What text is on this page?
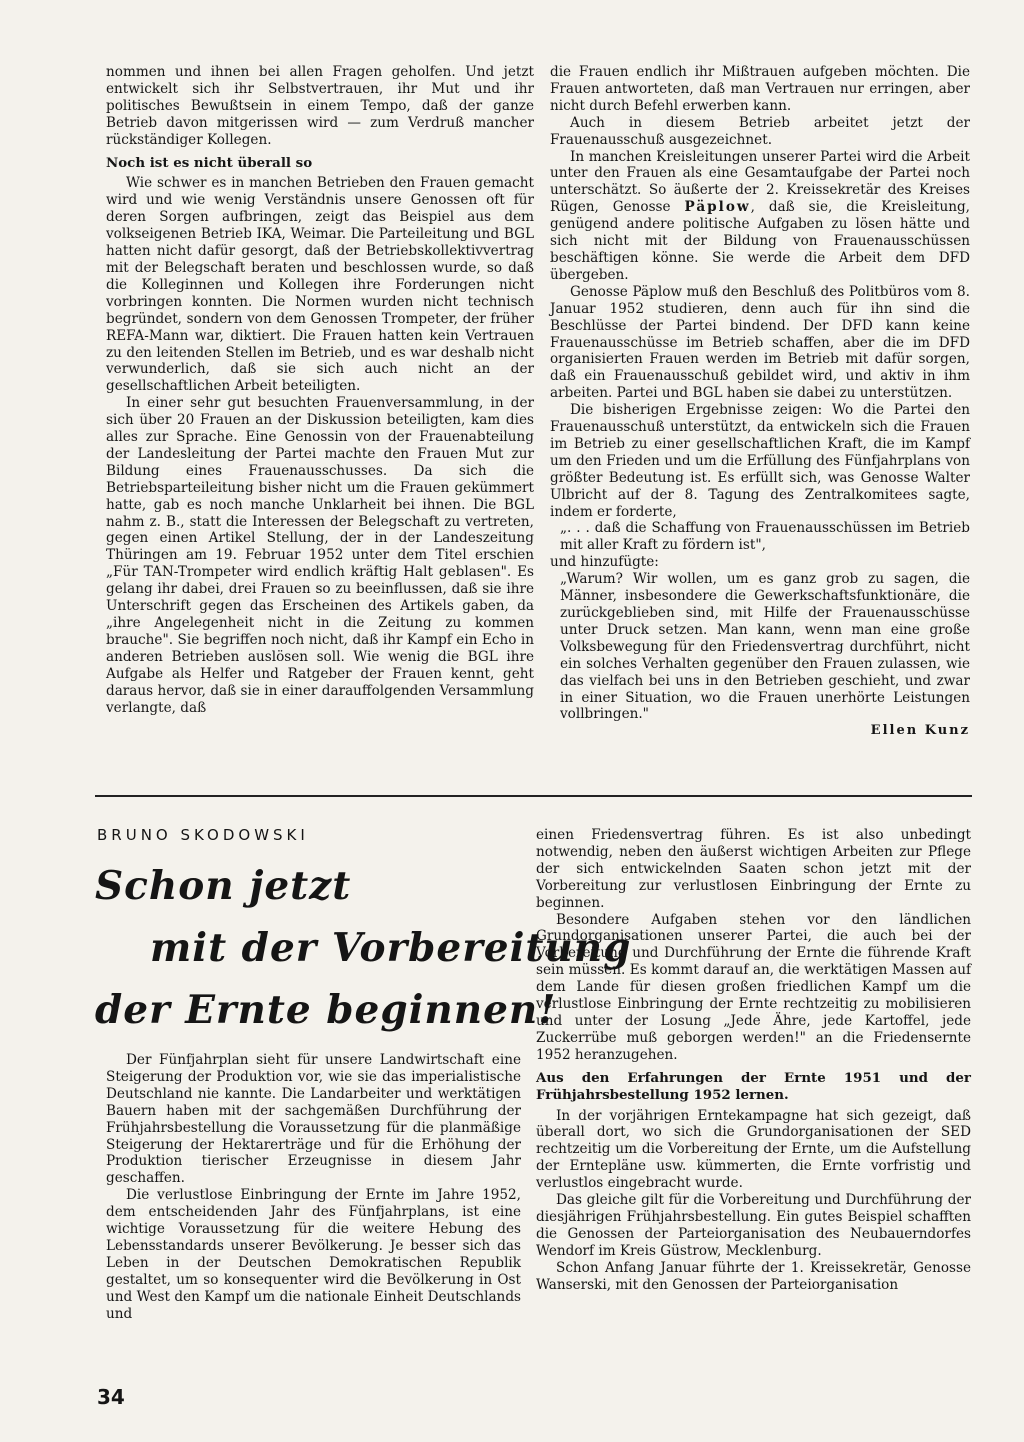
nommen und ihnen bei allen Fragen geholfen. Und jetzt entwickelt sich ihr Selbstvertrauen, ihr Mut und ihr politisches Bewußtsein in einem Tempo, daß der ganze Betrieb davon mitgerissen wird — zum Verdruß mancher rückständiger Kollegen.

Noch ist es nicht überall so

Wie schwer es in manchen Betrieben den Frauen gemacht wird und wie wenig Verständnis unsere Genossen oft für deren Sorgen aufbringen, zeigt das Beispiel aus dem volkseigenen Betrieb IKA, Weimar. Die Parteileitung und BGL hatten nicht dafür gesorgt, daß der Betriebskollektivvertrag mit der Belegschaft beraten und beschlossen wurde, so daß die Kolleginnen und Kollegen ihre Forderungen nicht vorbringen konnten. Die Normen wurden nicht technisch begründet, sondern von dem Genossen Trompeter, der früher REFA-Mann war, diktiert. Die Frauen hatten kein Vertrauen zu den leitenden Stellen im Betrieb, und es war deshalb nicht verwunderlich, daß sie sich auch nicht an der gesellschaftlichen Arbeit beteiligten.

In einer sehr gut besuchten Frauenversammlung, in der sich über 20 Frauen an der Diskussion beteiligten, kam dies alles zur Sprache. Eine Genossin von der Frauenabteilung der Landesleitung der Partei machte den Frauen Mut zur Bildung eines Frauenausschusses. Da sich die Betriebsparteileitung bisher nicht um die Frauen gekümmert hatte, gab es noch manche Unklarheit bei ihnen. Die BGL nahm z. B., statt die Interessen der Belegschaft zu vertreten, gegen einen Artikel Stellung, der in der Landeszeitung Thüringen am 19. Februar 1952 unter dem Titel erschien „Für TAN-Trompeter wird endlich kräftig Halt geblasen". Es gelang ihr dabei, drei Frauen so zu beeinflussen, daß sie ihre Unterschrift gegen das Erscheinen des Artikels gaben, da „ihre Angelegenheit nicht in die Zeitung zu kommen brauche". Sie begriffen noch nicht, daß ihr Kampf ein Echo in anderen Betrieben auslösen soll. Wie wenig die BGL ihre Aufgabe als Helfer und Ratgeber der Frauen kennt, geht daraus hervor, daß sie in einer darauffolgenden Versammlung verlangte, daß

die Frauen endlich ihr Mißtrauen aufgeben möchten. Die Frauen antworteten, daß man Vertrauen nur erringen, aber nicht durch Befehl erwerben kann.

Auch in diesem Betrieb arbeitet jetzt der Frauenausschuß ausgezeichnet.

In manchen Kreisleitungen unserer Partei wird die Arbeit unter den Frauen als eine Gesamtaufgabe der Partei noch unterschätzt. So äußerte der 2. Kreissekretär des Kreises Rügen, Genosse Päplow, daß sie, die Kreisleitung, genügend andere politische Aufgaben zu lösen hätte und sich nicht mit der Bildung von Frauenausschüssen beschäftigen könne. Sie werde die Arbeit dem DFD übergeben.

Genosse Päplow muß den Beschluß des Politbüros vom 8. Januar 1952 studieren, denn auch für ihn sind die Beschlüsse der Partei bindend. Der DFD kann keine Frauenausschüsse im Betrieb schaffen, aber die im DFD organisierten Frauen werden im Betrieb mit dafür sorgen, daß ein Frauenausschuß gebildet wird, und aktiv in ihm arbeiten. Partei und BGL haben sie dabei zu unterstützen.

Die bisherigen Ergebnisse zeigen: Wo die Partei den Frauenausschuß unterstützt, da entwickeln sich die Frauen im Betrieb zu einer gesellschaftlichen Kraft, die im Kampf um den Frieden und um die Erfüllung des Fünfjahrplans von größter Bedeutung ist. Es erfüllt sich, was Genosse Walter Ulbricht auf der 8. Tagung des Zentralkomitees sagte, indem er forderte,

„. . . daß die Schaffung von Frauenausschüssen im Betrieb mit aller Kraft zu fördern ist",

und hinzufügte:

„Warum? Wir wollen, um es ganz grob zu sagen, die Männer, insbesondere die Gewerkschaftsfunktionäre, die zurückgeblieben sind, mit Hilfe der Frauenausschüsse unter Druck setzen. Man kann, wenn man eine große Volksbewegung für den Friedensvertrag durchführt, nicht ein solches Verhalten gegenüber den Frauen zulassen, wie das vielfach bei uns in den Betrieben geschieht, und zwar in einer Situation, wo die Frauen unerhörte Leistungen vollbringen."

Ellen Kunz
BRUNO SKODOWSKI
Schon jetzt
mit der Vorbereitung
der Ernte beginnen!

Der Fünfjahrplan sieht für unsere Landwirtschaft eine Steigerung der Produktion vor, wie sie das imperialistische Deutschland nie kannte. Die Landarbeiter und werktätigen Bauern haben mit der sachgemäßen Durchführung der Frühjahrsbestellung die Voraussetzung für die planmäßige Steigerung der Hektarerträge und für die Erhöhung der Produktion tierischer Erzeugnisse in diesem Jahr geschaffen.

Die verlustlose Einbringung der Ernte im Jahre 1952, dem entscheidenden Jahr des Fünfjahrplans, ist eine wichtige Voraussetzung für die weitere Hebung des Lebensstandards unserer Bevölkerung. Je besser sich das Leben in der Deutschen Demokratischen Republik gestaltet, um so konsequenter wird die Bevölkerung in Ost und West den Kampf um die nationale Einheit Deutschlands und

einen Friedensvertrag führen. Es ist also unbedingt notwendig, neben den äußerst wichtigen Arbeiten zur Pflege der sich entwickelnden Saaten schon jetzt mit der Vorbereitung zur verlustlosen Einbringung der Ernte zu beginnen.

Besondere Aufgaben stehen vor den ländlichen Grundorganisationen unserer Partei, die auch bei der Vorbereitung und Durchführung der Ernte die führende Kraft sein müssen. Es kommt darauf an, die werktätigen Massen auf dem Lande für diesen großen friedlichen Kampf um die verlustlose Einbringung der Ernte rechtzeitig zu mobilisieren und unter der Losung „Jede Ähre, jede Kartoffel, jede Zuckerrübe muß geborgen werden!" an die Friedensernte 1952 heranzugehen.

Aus den Erfahrungen der Ernte 1951 und der Frühjahrsbestellung 1952 lernen.

In der vorjährigen Erntekampagne hat sich gezeigt, daß überall dort, wo sich die Grundorganisationen der SED rechtzeitig um die Vorbereitung der Ernte, um die Aufstellung der Ernteplänе usw. kümmerten, die Ernte vorfristig und verlustlos eingebracht wurde.

Das gleiche gilt für die Vorbereitung und Durchführung der diesjährigen Frühjahrsbestellung. Ein gutes Beispiel schafften die Genossen der Parteiorganisation des Neubauerndorfes Wendorf im Kreis Güstrow, Mecklenburg.

Schon Anfang Januar führte der 1. Kreissekretär, Genosse Wanserski, mit den Genossen der Parteiorganisation

34
